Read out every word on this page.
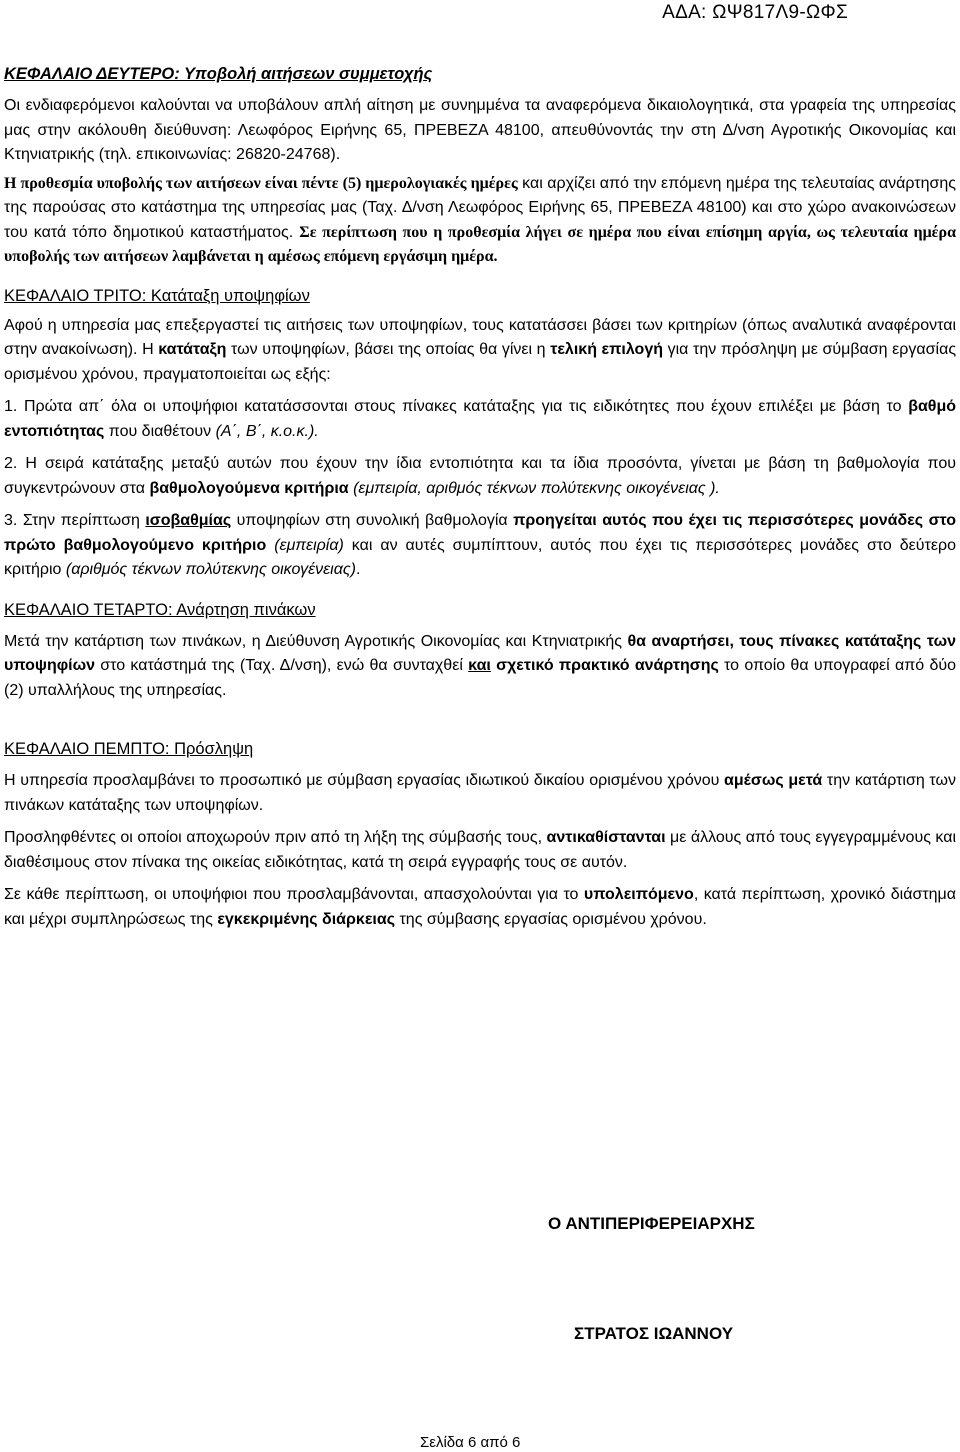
ΑΔΑ: ΩΨ817Λ9-ΩΦΣ

ΚΕΦΑΛΑΙΟ ΔΕΥΤΕΡΟ: Υποβολή αιτήσεων συμμετοχής

Οι ενδιαφερόμενοι καλούνται να υποβάλουν απλή αίτηση με συνημμένα τα αναφερόμενα δικαιολογητικά, στα γραφεία της υπηρεσίας μας στην ακόλουθη διεύθυνση: Λεωφόρος Ειρήνης 65, ΠΡΕΒΕΖΑ 48100, απευθύνοντάς την στη Δ/νση Αγροτικής Οικονομίας και Κτηνιατρικής (τηλ. επικοινωνίας: 26820-24768).

Η προθεσμία υποβολής των αιτήσεων είναι πέντε (5) ημερολογιακές ημέρες και αρχίζει από την επόμενη ημέρα της τελευταίας ανάρτησης της παρούσας στο κατάστημα της υπηρεσίας μας (Ταχ. Δ/νση Λεωφόρος Ειρήνης 65, ΠΡΕΒΕΖΑ 48100) και στο χώρο ανακοινώσεων του κατά τόπο δημοτικού καταστήματος. Σε περίπτωση που η προθεσμία λήγει σε ημέρα που είναι επίσημη αργία, ως τελευταία ημέρα υποβολής των αιτήσεων λαμβάνεται η αμέσως επόμενη εργάσιμη ημέρα.

ΚΕΦΑΛΑΙΟ ΤΡΙΤΟ: Κατάταξη υποψηφίων

Αφού η υπηρεσία μας επεξεργαστεί τις αιτήσεις των υποψηφίων, τους κατατάσσει βάσει των κριτηρίων (όπως αναλυτικά αναφέρονται στην ανακοίνωση). Η κατάταξη των υποψηφίων, βάσει της οποίας θα γίνει η τελική επιλογή για την πρόσληψη με σύμβαση εργασίας ορισμένου χρόνου, πραγματοποιείται ως εξής:

1. Πρώτα απ΄ όλα οι υποψήφιοι κατατάσσονται στους πίνακες κατάταξης για τις ειδικότητες που έχουν επιλέξει με βάση το βαθμό εντοπιότητας που διαθέτουν (Α΄, Β΄, κ.ο.κ.).

2. Η σειρά κατάταξης μεταξύ αυτών που έχουν την ίδια εντοπιότητα και τα ίδια προσόντα, γίνεται με βάση τη βαθμολογία που συγκεντρώνουν στα βαθμολογούμενα κριτήρια (εμπειρία, αριθμός τέκνων πολύτεκνης οικογένειας ).

3. Στην περίπτωση ισοβαθμίας υποψηφίων στη συνολική βαθμολογία προηγείται αυτός που έχει τις περισσότερες μονάδες στο πρώτο βαθμολογούμενο κριτήριο (εμπειρία) και αν αυτές συμπίπτουν, αυτός που έχει τις περισσότερες μονάδες στο δεύτερο κριτήριο (αριθμός τέκνων πολύτεκνης οικογένειας).

ΚΕΦΑΛΑΙΟ ΤΕΤΑΡΤΟ: Ανάρτηση πινάκων

Μετά την κατάρτιση των πινάκων, η Διεύθυνση Αγροτικής Οικονομίας και Κτηνιατρικής θα αναρτήσει, τους πίνακες κατάταξης των υποψηφίων στο κατάστημά της (Ταχ. Δ/νση), ενώ θα συνταχθεί και σχετικό πρακτικό ανάρτησης το οποίο θα υπογραφεί από δύο (2) υπαλλήλους της υπηρεσίας.

ΚΕΦΑΛΑΙΟ ΠΕΜΠΤΟ: Πρόσληψη

Η υπηρεσία προσλαμβάνει το προσωπικό με σύμβαση εργασίας ιδιωτικού δικαίου ορισμένου χρόνου αμέσως μετά την κατάρτιση των πινάκων κατάταξης των υποψηφίων.

Προσληφθέντες οι οποίοι αποχωρούν πριν από τη λήξη της σύμβασής τους, αντικαθίστανται με άλλους από τους εγγεγραμμένους και διαθέσιμους στον πίνακα της οικείας ειδικότητας, κατά τη σειρά εγγραφής τους σε αυτόν.

Σε κάθε περίπτωση, οι υποψήφιοι που προσλαμβάνονται, απασχολούνται για το υπολειπόμενο, κατά περίπτωση, χρονικό διάστημα και μέχρι συμπληρώσεως της εγκεκριμένης διάρκειας της σύμβασης εργασίας ορισμένου χρόνου.

Ο ΑΝΤΙΠΕΡΙΦΕΡΕΙΑΡΧΗΣ
ΣΤΡΑΤΟΣ ΙΩΑΝΝΟΥ
Σελίδα 6 από 6
